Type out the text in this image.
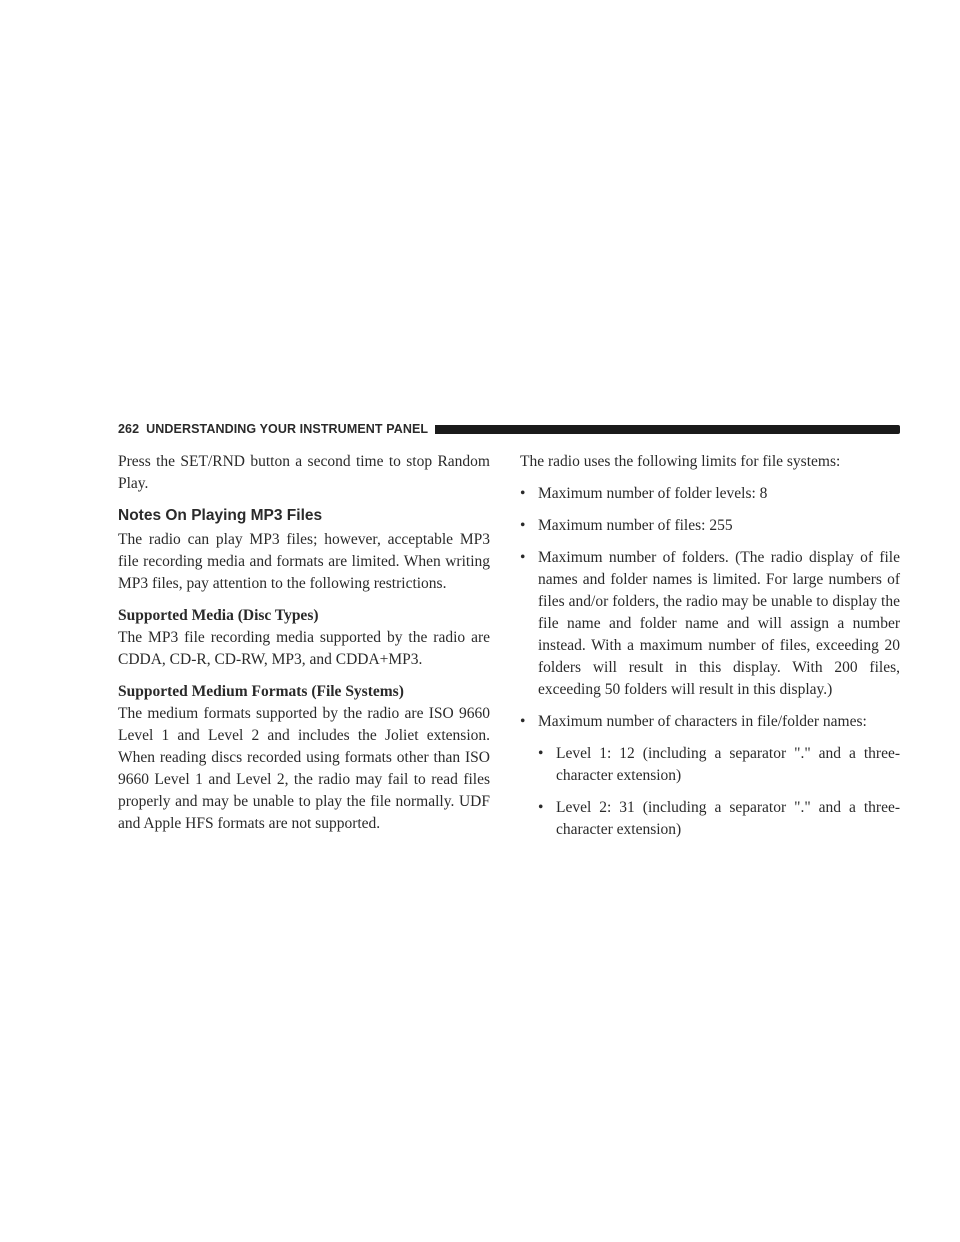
262 UNDERSTANDING YOUR INSTRUMENT PANEL

Press the SET/RND button a second time to stop Random Play.

Notes On Playing MP3 Files

The radio can play MP3 files; however, acceptable MP3 file recording media and formats are limited. When writing MP3 files, pay attention to the following restrictions.

Supported Media (Disc Types)

The MP3 file recording media supported by the radio are CDDA, CD-R, CD-RW, MP3, and CDDA+MP3.

Supported Medium Formats (File Systems)

The medium formats supported by the radio are ISO 9660 Level 1 and Level 2 and includes the Joliet extension. When reading discs recorded using formats other than ISO 9660 Level 1 and Level 2, the radio may fail to read files properly and may be unable to play the file normally. UDF and Apple HFS formats are not supported.

The radio uses the following limits for file systems:

• Maximum number of folder levels: 8
• Maximum number of files: 255
• Maximum number of folders. (The radio display of file names and folder names is limited. For large numbers of files and/or folders, the radio may be unable to display the file name and folder name and will assign a number instead. With a maximum number of files, exceeding 20 folders will result in this display. With 200 files, exceeding 50 folders will result in this display.)
• Maximum number of characters in file/folder names:
• Level 1: 12 (including a separator "." and a three-character extension)
• Level 2: 31 (including a separator "." and a three-character extension)
